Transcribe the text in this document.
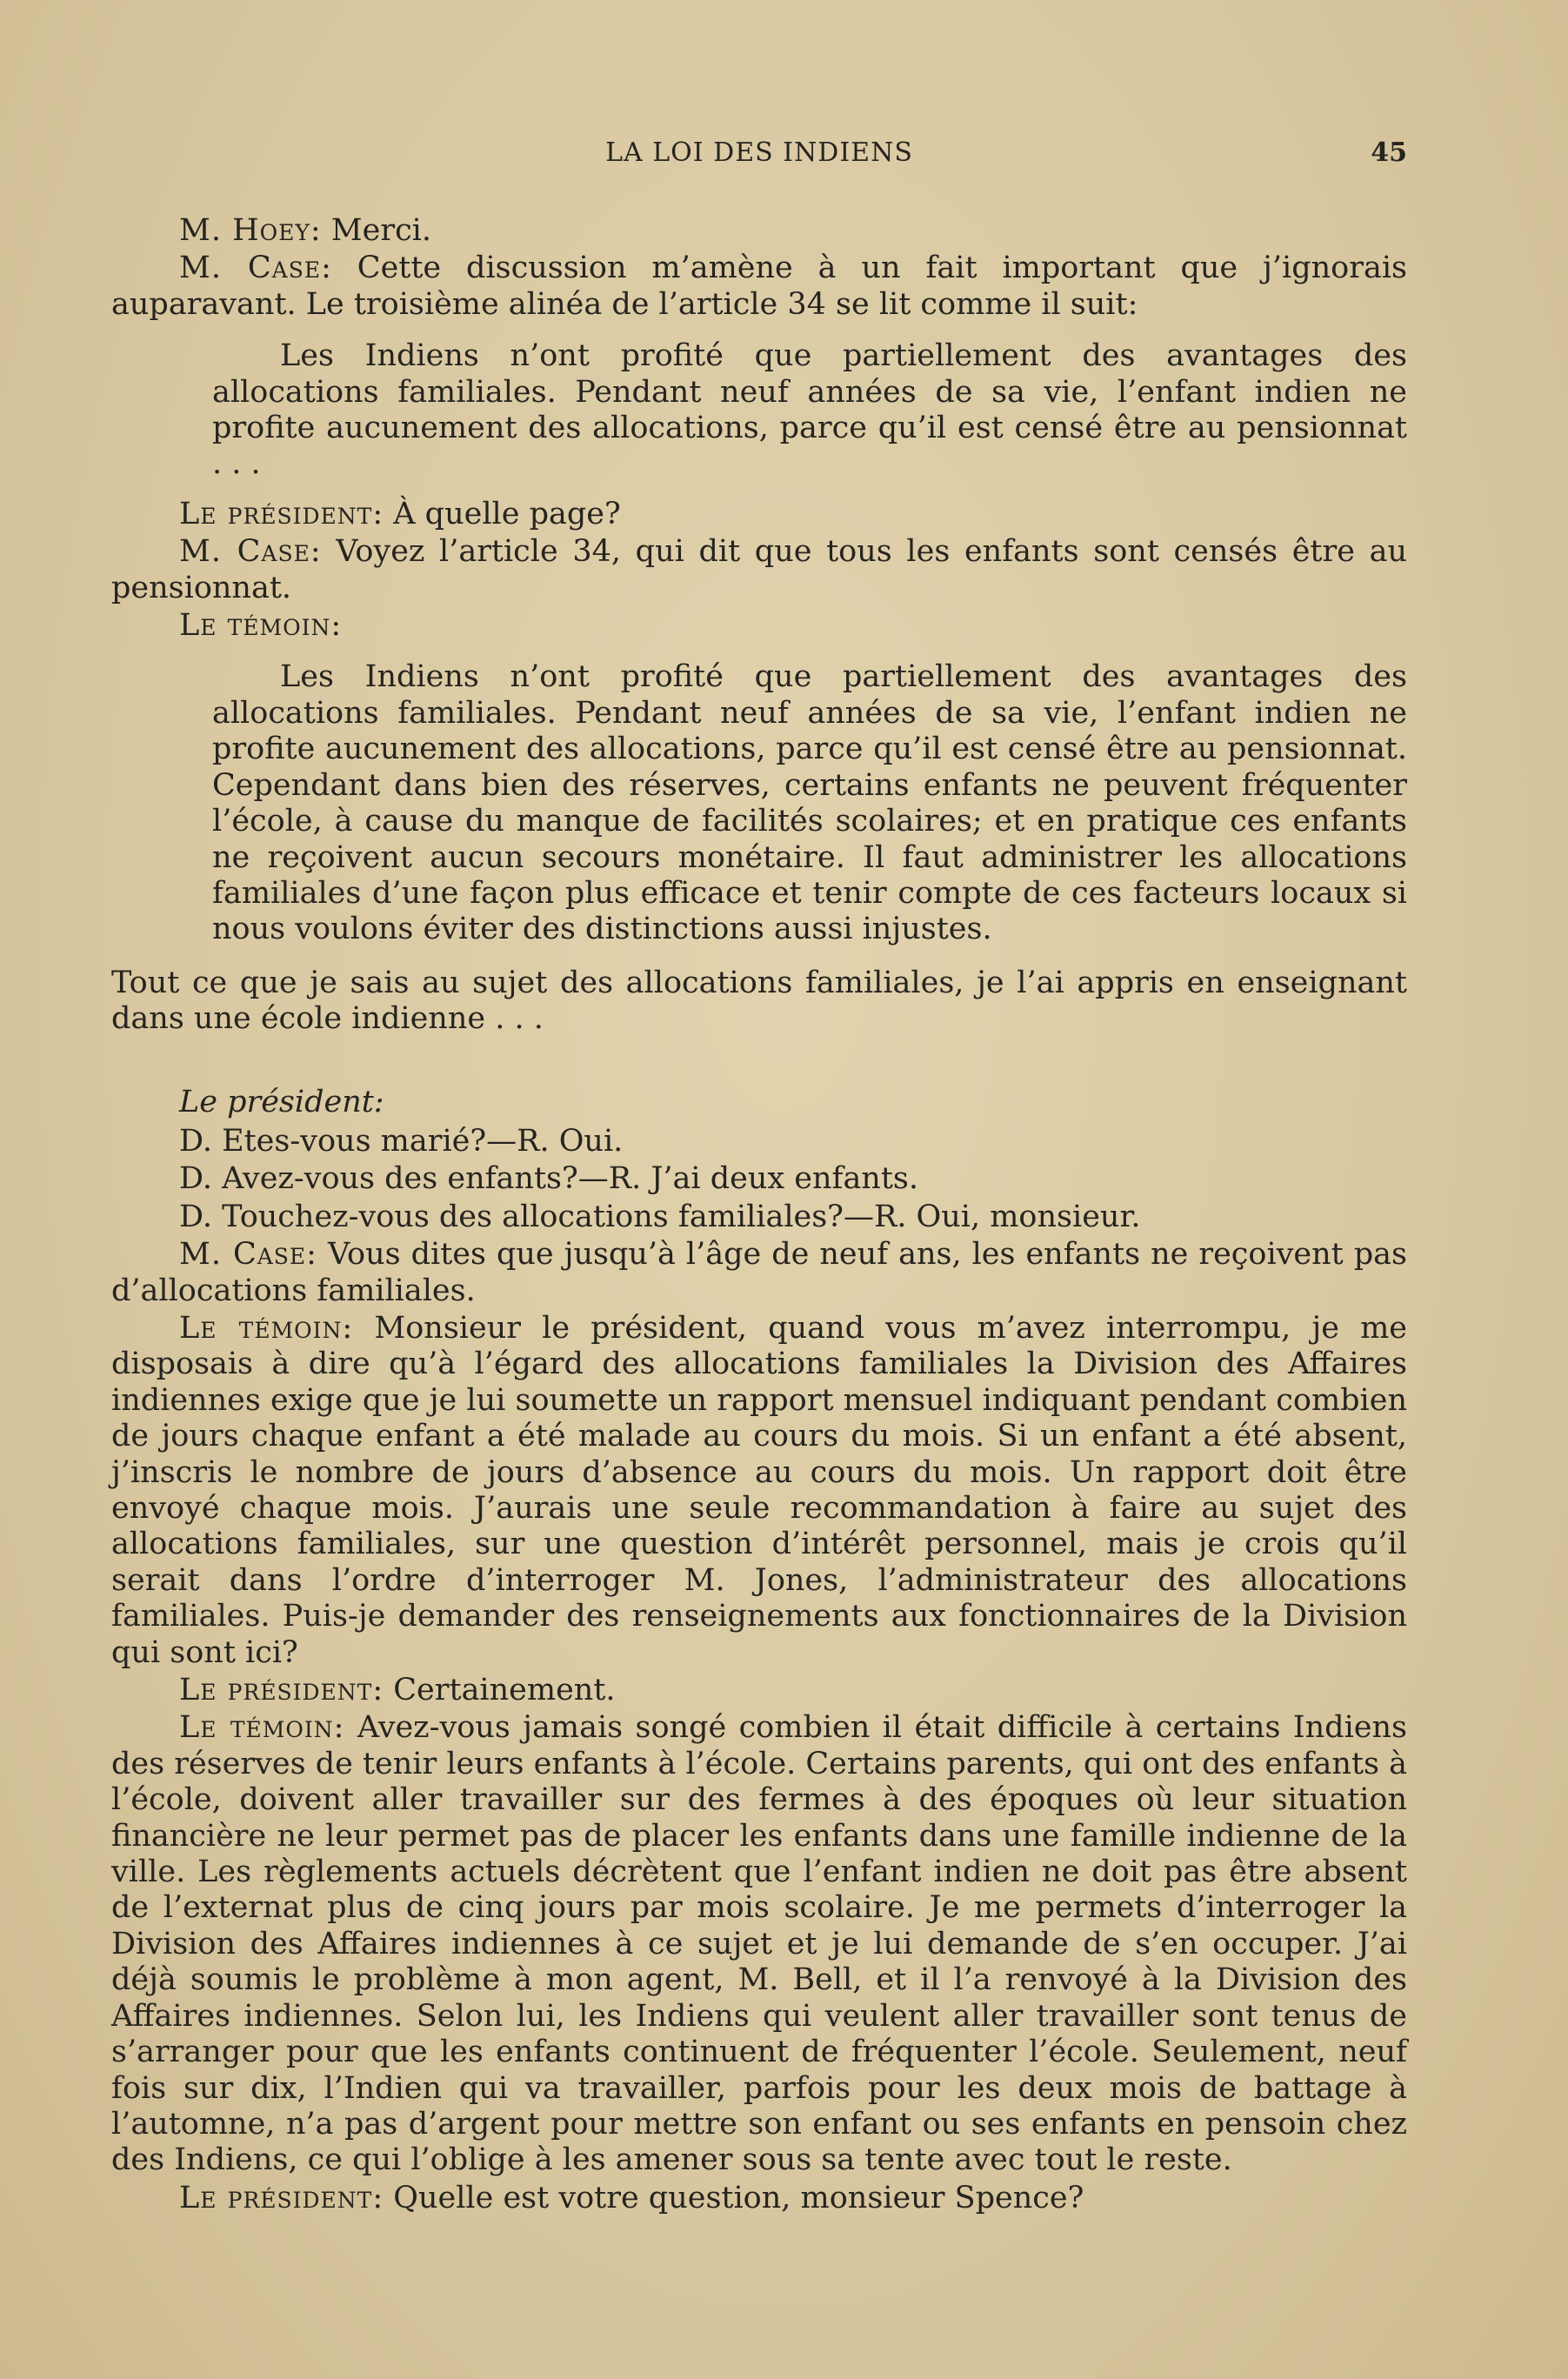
LA LOI DES INDIENS	45

M. Hoey: Merci.

M. Case: Cette discussion m’amène à un fait important que j’ignorais auparavant. Le troisième alinéa de l’article 34 se lit comme il suit:

Les Indiens n’ont profité que partiellement des avantages des allocations familiales. Pendant neuf années de sa vie, l’enfant indien ne profite aucunement des allocations, parce qu’il est censé être au pensionnat . . .

Le président: À quelle page?

M. Case: Voyez l’article 34, qui dit que tous les enfants sont censés être au pensionnat.

Le témoin:

Les Indiens n’ont profité que partiellement des avantages des allocations familiales. Pendant neuf années de sa vie, l’enfant indien ne profite aucunement des allocations, parce qu’il est censé être au pensionnat. Cependant dans bien des réserves, certains enfants ne peuvent fréquenter l’école, à cause du manque de facilités scolaires; et en pratique ces enfants ne reçoivent aucun secours monétaire. Il faut administrer les allocations familiales d’une façon plus efficace et tenir compte de ces facteurs locaux si nous voulons éviter des distinctions aussi injustes.

Tout ce que je sais au sujet des allocations familiales, je l’ai appris en enseignant dans une école indienne . . .

Le président:

D. Etes-vous marié?—R. Oui.

D. Avez-vous des enfants?—R. J’ai deux enfants.

D. Touchez-vous des allocations familiales?—R. Oui, monsieur.

M. Case: Vous dites que jusqu’à l’âge de neuf ans, les enfants ne reçoivent pas d’allocations familiales.

Le témoin: Monsieur le président, quand vous m’avez interrompu, je me disposais à dire qu’à l’égard des allocations familiales la Division des Affaires indiennes exige que je lui soumette un rapport mensuel indiquant pendant combien de jours chaque enfant a été malade au cours du mois. Si un enfant a été absent, j’inscris le nombre de jours d’absence au cours du mois. Un rapport doit être envoyé chaque mois. J’aurais une seule recommandation à faire au sujet des allocations familiales, sur une question d’intérêt personnel, mais je crois qu’il serait dans l’ordre d’interroger M. Jones, l’administrateur des allocations familiales. Puis-je demander des renseignements aux fonctionnaires de la Division qui sont ici?

Le président: Certainement.

Le témoin: Avez-vous jamais songé combien il était difficile à certains Indiens des réserves de tenir leurs enfants à l’école. Certains parents, qui ont des enfants à l’école, doivent aller travailler sur des fermes à des époques où leur situation financière ne leur permet pas de placer les enfants dans une famille indienne de la ville. Les règlements actuels décrètent que l’enfant indien ne doit pas être absent de l’externat plus de cinq jours par mois scolaire. Je me permets d’interroger la Division des Affaires indiennes à ce sujet et je lui demande de s’en occuper. J’ai déjà soumis le problème à mon agent, M. Bell, et il l’a renvoyé à la Division des Affaires indiennes. Selon lui, les Indiens qui veulent aller travailler sont tenus de s’arranger pour que les enfants continuent de fréquenter l’école. Seulement, neuf fois sur dix, l’Indien qui va travailler, parfois pour les deux mois de battage à l’automne, n’a pas d’argent pour mettre son enfant ou ses enfants en pensoin chez des Indiens, ce qui l’oblige à les amener sous sa tente avec tout le reste.

Le président: Quelle est votre question, monsieur Spence?
